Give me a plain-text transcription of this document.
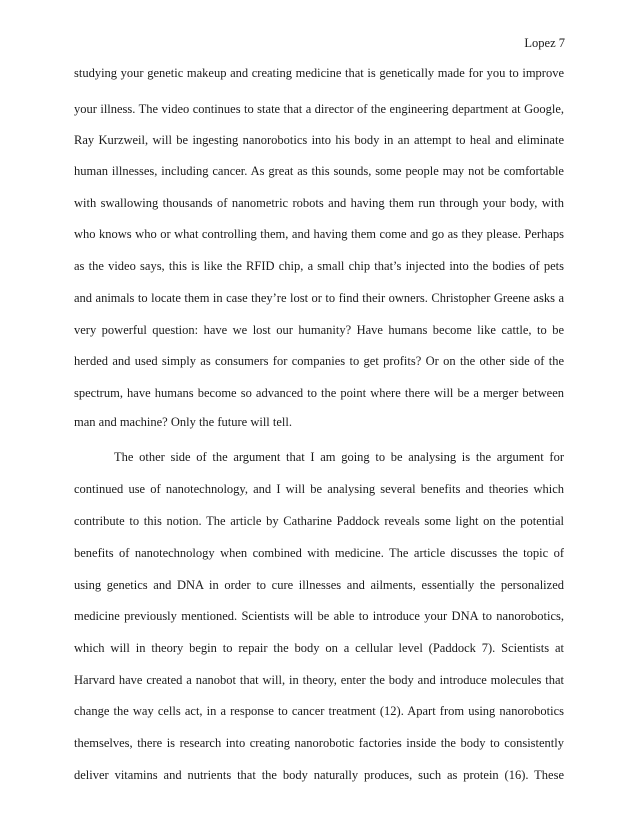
Lopez 7
studying your genetic makeup and creating medicine that is genetically made for you to improve
your illness. The video continues to state that a director of the engineering department at Google,
Ray Kurzweil, will be ingesting nanorobotics into his body in an attempt to heal and eliminate
human illnesses, including cancer. As great as this sounds, some people may not be comfortable
with swallowing thousands of nanometric robots and having them run through your body, with
who knows who or what controlling them, and having them come and go as they please. Perhaps
as the video says, this is like the RFID chip, a small chip that’s injected into the bodies of pets
and animals to locate them in case they’re lost or to find their owners. Christopher Greene asks a
very powerful question: have we lost our humanity? Have humans become like cattle, to be
herded and used simply as consumers for companies to get profits? Or on the other side of the
spectrum, have humans become so advanced to the point where there will be a merger between
man and machine? Only the future will tell.
The other side of the argument that I am going to be analysing is the argument for
continued use of nanotechnology, and I will be analysing several benefits and theories which
contribute to this notion. The article by Catharine Paddock reveals some light on the potential
benefits of nanotechnology when combined with medicine. The article discusses the topic of
using genetics and DNA in order to cure illnesses and ailments, essentially the personalized
medicine previously mentioned. Scientists will be able to introduce your DNA to nanorobotics,
which will in theory begin to repair the body on a cellular level (Paddock 7). Scientists at
Harvard have created a nanobot that will, in theory, enter the body and introduce molecules that
change the way cells act, in a response to cancer treatment (12). Apart from using nanorobotics
themselves, there is research into creating nanorobotic factories inside the body to consistently
deliver vitamins and nutrients that the body naturally produces, such as protein (16). These
